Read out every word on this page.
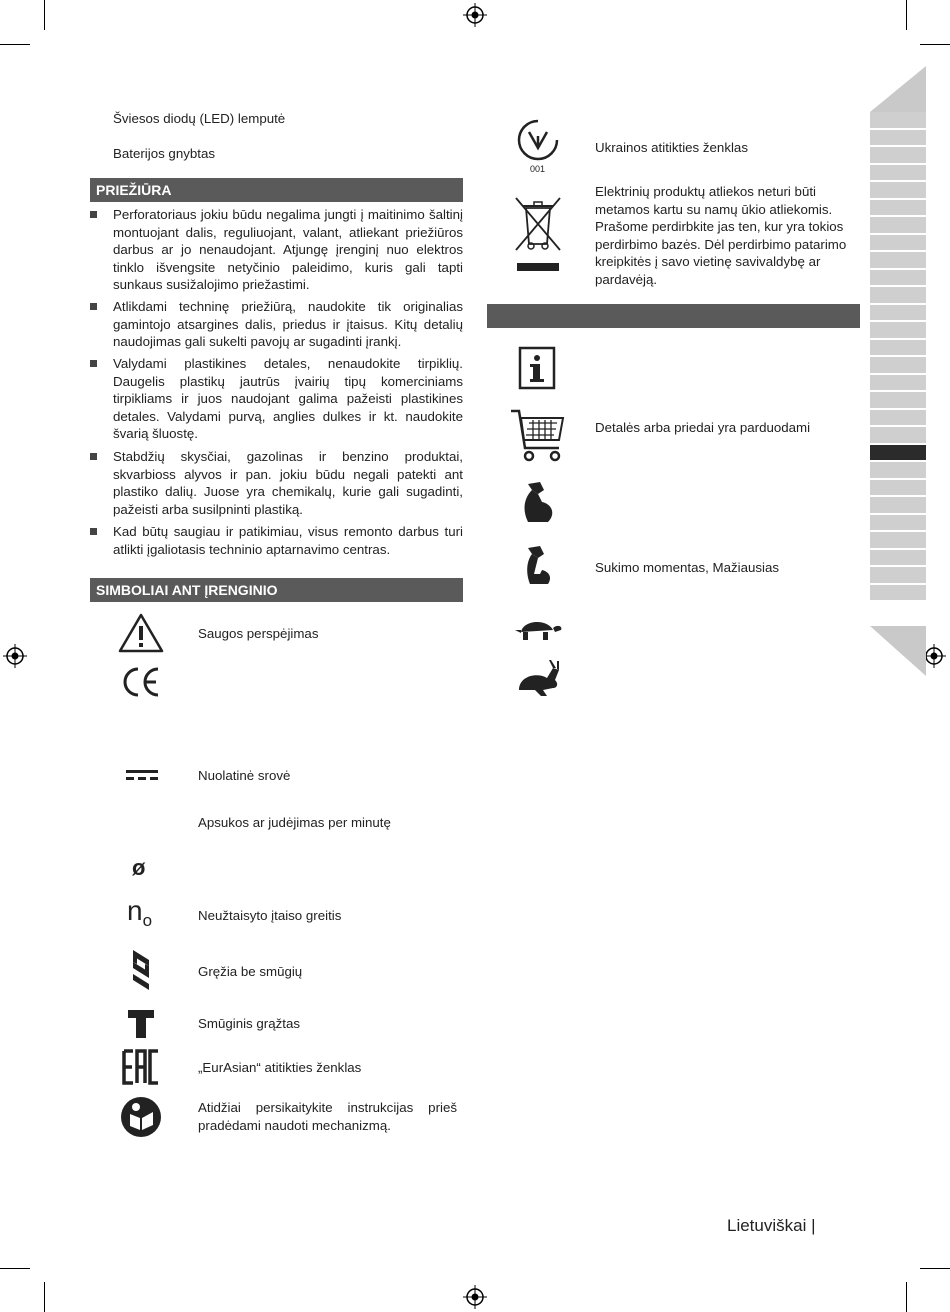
Šviesos diodų (LED) lemputė
Baterijos gnybtas
PRIEŽIŪRA
Perforatoriaus jokiu būdu negalima jungti į maitinimo šaltinį montuojant dalis, reguliuojant, valant, atliekant priežiūros darbus ar jo nenaudojant. Atjungę įrenginį nuo elektros tinklo išvengsite netyčinio paleidimo, kuris gali tapti sunkaus susižalojimo priežastimi.
Atlikdami techninę priežiūrą, naudokite tik originalias gamintojo atsargines dalis, priedus ir įtaisus. Kitų detalių naudojimas gali sukelti pavojų ar sugadinti įrankį.
Valydami plastikines detales, nenaudokite tirpiklių. Daugelis plastikų jautrūs įvairių tipų komerciniams tirpikliams ir juos naudojant galima pažeisti plastikines detales. Valydami purvą, anglies dulkes ir kt. naudokite švarią šluostę.
Stabdžių skysčiai, gazolinas ir benzino produktai, skvarbioss alyvos ir pan. jokiu būdu negali patekti ant plastiko dalių. Juose yra chemikalų, kurie gali sugadinti, pažeisti arba susilpninti plastiką.
Kad būtų saugiau ir patikimiau, visus remonto darbus turi atlikti įgaliotasis techninio aptarnavimo centras.
SIMBOLIAI ANT ĮRENGINIO
Saugos perspėjimas
Nuolatinė srovė
Apsukos ar judėjimas per minutę
ø
$n_o$	Neužtaisyto įtaiso greitis
Gręžia be smūgių
Smūginis grąžtas
„EurAsian“ atitikties ženklas
Atidžiai persikaitykite instrukcijas prieš pradėdami naudoti mechanizmą.
001
Ukrainos atitikties ženklas
Elektrinių produktų atliekos neturi būti metamos kartu su namų ūkio atliekomis. Prašome perdirbkite jas ten, kur yra tokios perdirbimo bazės. Dėl perdirbimo patarimo kreipkitės į savo vietinę savivaldybę ar pardavėją.
Detalės arba priedai yra parduodami
Sukimo momentas, Mažiausias
Lietuviškai |
